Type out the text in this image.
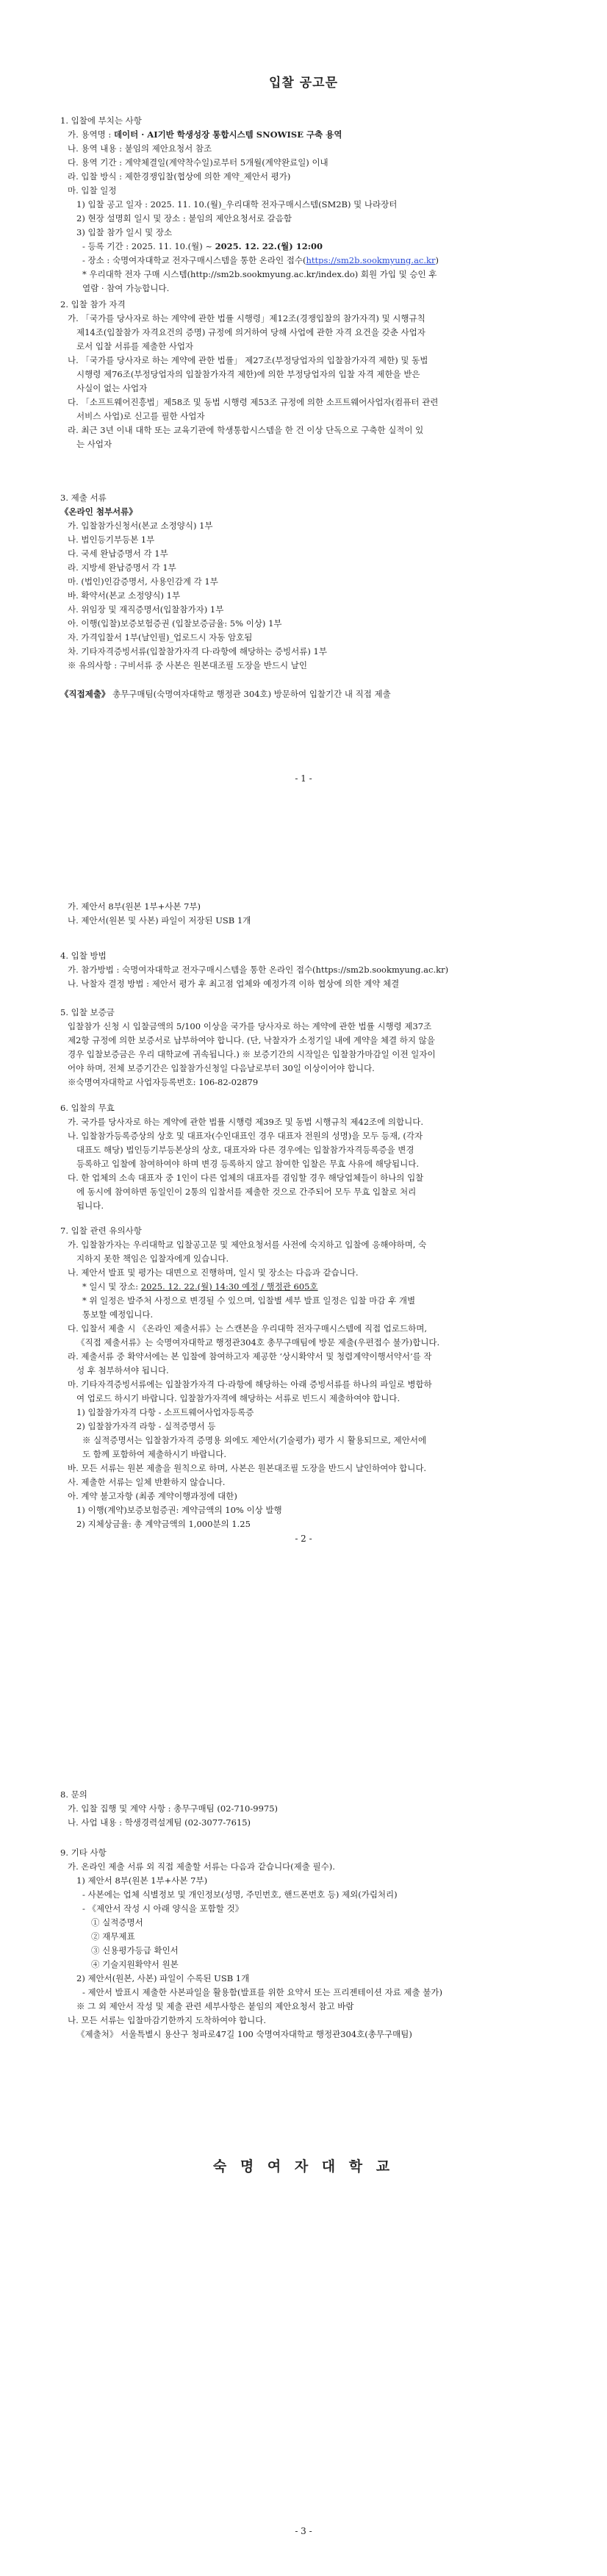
입찰 공고문
1. 입찰에 부치는 사항
가. 용역명 : 데이터 · AI기반 학생성장 통합시스템 SNOWISE 구축 용역
나. 용역 내용 : 붙임의 제안요청서 참조
다. 용역 기간 : 계약체결일(계약착수일)로부터 5개월(계약완료일) 이내
라. 입찰 방식 : 제한경쟁입찰(협상에 의한 계약_제안서 평가)
마. 입찰 일정
1) 입찰 공고 일자 : 2025. 11. 10.(월)_우리대학 전자구매시스템(SM2B) 및 나라장터
2) 현장 설명회 일시 및 장소 : 붙임의 제안요청서로 갈음함
3) 입찰 참가 일시 및 장소
- 등록 기간 : 2025. 11. 10.(월) ~ 2025. 12. 22.(월) 12:00
- 장소 : 숙명여자대학교 전자구매시스템을 통한 온라인 접수(https://sm2b.sookmyung.ac.kr)
* 우리대학 전자 구매 시스템(http://sm2b.sookmyung.ac.kr/index.do) 회원 가입 및 승인 후
열람 · 참여 가능합니다.
2. 입찰 참가 자격
가. 「국가를 당사자로 하는 계약에 관한 법률 시행령」제12조(경쟁입찰의 참가자격) 및 시행규칙
제14조(입찰참가 자격요건의 증명) 규정에 의거하여 당해 사업에 관한 자격 요건을 갖춘 사업자
로서 입찰 서류를 제출한 사업자
나. 「국가를 당사자로 하는 계약에 관한 법률」 제27조(부정당업자의 입찰참가자격 제한) 및 동법
시행령 제76조(부정당업자의 입찰참가자격 제한)에 의한 부정당업자의 입찰 자격 제한을 받은
사실이 없는 사업자
다. 「소프트웨어진흥법」제58조 및 동법 시행령 제53조 규정에 의한 소프트웨어사업자(컴퓨터 관련
서비스 사업)로 신고를 필한 사업자
라. 최근 3년 이내 대학 또는 교육기관에 학생통합시스템을 한 건 이상 단독으로 구축한 실적이 있
는 사업자
3. 제출 서류
《온라인 첨부서류》
가. 입찰참가신청서(본교 소정양식) 1부
나. 법인등기부등본 1부
다. 국세 완납증명서 각 1부
라. 지방세 완납증명서 각 1부
마. (법인)인감증명서, 사용인감계 각 1부
바. 확약서(본교 소정양식) 1부
사. 위임장 및 재직증명서(입찰참가자) 1부
아. 이행(입찰)보증보험증권 (입찰보증금율: 5% 이상) 1부
자. 가격입찰서 1부(날인필)_업로드시 자동 암호됨
차. 기타자격증빙서류(입찰참가자격 다·라항에 해당하는 증빙서류) 1부
※ 유의사항 : 구비서류 중 사본은 원본대조필 도장을 반드시 날인
《직접제출》 총무구매팀(숙명여자대학교 행정관 304호) 방문하여 입찰기간 내 직접 제출
- 1 -
가. 제안서 8부(원본 1부+사본 7부)
나. 제안서(원본 및 사본) 파일이 저장된 USB 1개
4. 입찰 방법
가. 참가방법 : 숙명여자대학교 전자구매시스템을 통한 온라인 접수(https://sm2b.sookmyung.ac.kr)
나. 낙찰자 결정 방법 : 제안서 평가 후 최고점 업체와 예정가격 이하 협상에 의한 계약 체결
5. 입찰 보증금
입찰참가 신청 시 입찰금액의 5/100 이상을 국가를 당사자로 하는 계약에 관한 법률 시행령 제37조
제2항 규정에 의한 보증서로 납부하여야 합니다. (단, 낙찰자가 소정기일 내에 계약을 체결 하지 않을
경우 입찰보증금은 우리 대학교에 귀속됩니다.) ※ 보증기간의 시작일은 입찰참가마감일 이전 일자이
어야 하며, 전체 보증기간은 입찰참가신청일 다음날로부터 30일 이상이어야 합니다.
※숙명여자대학교 사업자등록번호: 106-82-02879
6. 입찰의 무효
가. 국가를 당사자로 하는 계약에 관한 법률 시행령 제39조 및 동법 시행규칙 제42조에 의합니다.
나. 입찰참가등록증상의 상호 및 대표자(수인대표인 경우 대표자 전원의 성명)을 모두 등재, (각자
대표도 해당) 법인등기부등본상의 상호, 대표자와 다른 경우에는 입찰참가자격등록증을 변경
등록하고 입찰에 참여하여야 하며 변경 등록하지 않고 참여한 입찰은 무효 사유에 해당됩니다.
다. 한 업체의 소속 대표자 중 1인이 다른 업체의 대표자를 겸임할 경우 해당업체들이 하나의 입찰
에 동시에 참여하면 동일인이 2통의 입찰서를 제출한 것으로 간주되어 모두 무효 입찰로 처리
됩니다.
7. 입찰 관련 유의사항
가. 입찰참가자는 우리대학교 입찰공고문 및 제안요청서를 사전에 숙지하고 입찰에 응해야하며, 숙
지하지 못한 책임은 입찰자에게 있습니다.
나. 제안서 발표 및 평가는 대면으로 진행하며, 일시 및 장소는 다음과 같습니다.
* 일시 및 장소: 2025. 12. 22.(월) 14:30 예정 / 행정관 605호
* 위 일정은 발주처 사정으로 변경될 수 있으며, 입찰별 세부 발표 일정은 입찰 마감 후 개별
통보할 예정입니다.
다. 입찰서 제출 시 《온라인 제출서류》는 스캔본을 우리대학 전자구매시스템에 직접 업로드하며,
《직접 제출서류》는 숙명여자대학교 행정관304호 총무구매팀에 방문 제출(우편접수 불가)합니다.
라. 제출서류 중 확약서에는 본 입찰에 참여하고자 제공한 ‘상시확약서 및 청렴계약이행서약서’를 작
성 후 첨부하셔야 됩니다.
마. 기타자격증빙서류에는 입찰참가자격 다·라항에 해당하는 아래 증빙서류를 하나의 파일로 병합하
여 업로드 하시기 바랍니다. 입찰참가자격에 해당하는 서류로 빈드시 제출하여야 합니다.
1) 입찰참가자격 다항 - 소프트웨어사업자등록증
2) 입찰참가자격 라항 - 실적증명서 등
※ 실적증명서는 입찰참가자격 증명용 외에도 제안서(기술평가) 평가 시 활용되므로, 제안서에
도 함께 포함하여 제출하시기 바랍니다.
바. 모든 서류는 원본 제출을 원칙으로 하며, 사본은 원본대조필 도장을 반드시 날인하여야 합니다.
사. 제출한 서류는 일체 반환하지 않습니다.
아. 계약 불고자항 (최종 계약이행과정에 대한)
1) 이행(계약)보증보험증권: 계약금액의 10% 이상 발행
2) 지체상금율: 총 계약금액의 1,000분의 1.25
- 2 -
8. 문의
가. 입찰 집행 및 계약 사항 : 총무구매팀 (02-710-9975)
나. 사업 내용 : 학생경력설계팀 (02-3077-7615)
9. 기타 사항
가. 온라인 제출 서류 외 직접 제출할 서류는 다음과 같습니다(제출 필수).
1) 제안서 8부(원본 1부+사본 7부)
- 사본에는 업체 식별정보 및 개인정보(성명, 주민번호, 핸드폰번호 등) 제외(가림처리)
- 《제안서 작성 시 아래 양식을 포함할 것》
① 실적증명서
② 재무제표
③ 신용평가등급 확인서
④ 기술지원확약서 원본
2) 제안서(원본, 사본) 파일이 수록된 USB 1개
- 제안서 발표시 제출한 사본파일을 활용함(발표를 위한 요약서 또는 프리젠테이션 자료 제출 불가)
※ 그 외 제안서 작성 및 제출 관련 세부사항은 붙임의 제안요청서 참고 바람
나. 모든 서류는 입찰마감기한까지 도착하여야 합니다.
《제출처》 서울특별시 용산구 청파로47길 100 숙명여자대학교 행정관304호(총무구매팀)
- 3 -
숙 명 여 자 대 학 교
